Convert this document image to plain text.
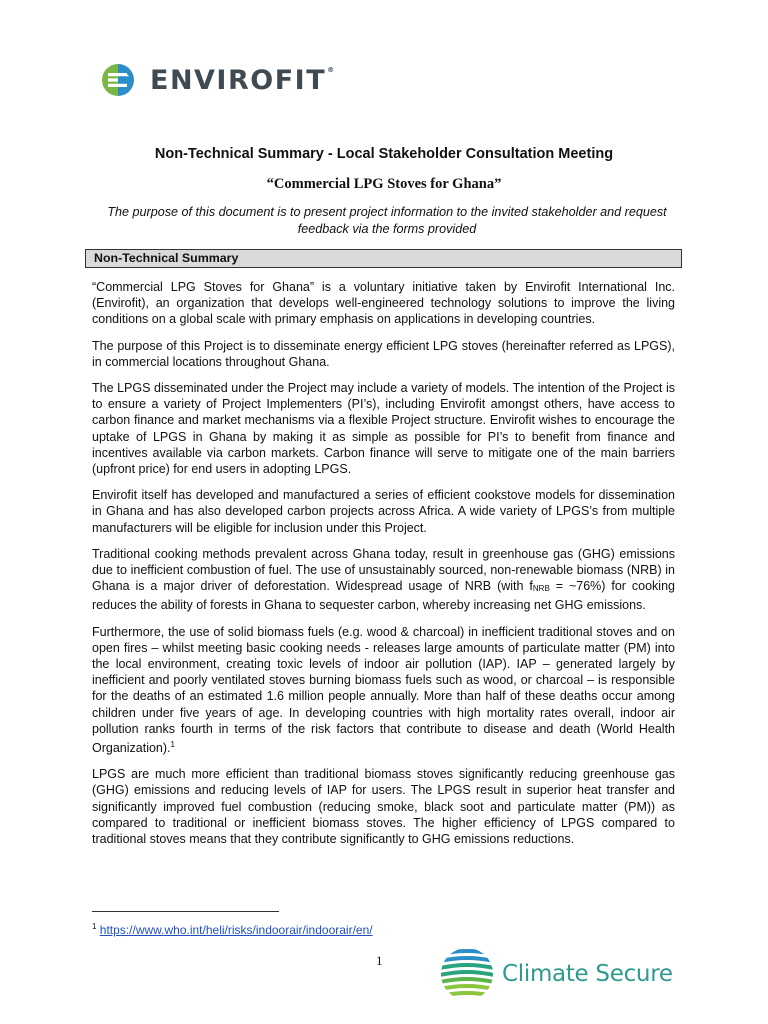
ENVIROFIT®
Non-Technical Summary - Local Stakeholder Consultation Meeting
“Commercial LPG Stoves for Ghana”
The purpose of this document is to present project information to the invited stakeholder and request feedback via the forms provided
Non-Technical Summary

“Commercial LPG Stoves for Ghana” is a voluntary initiative taken by Envirofit International Inc. (Envirofit), an organization that develops well-engineered technology solutions to improve the living conditions on a global scale with primary emphasis on applications in developing countries.

The purpose of this Project is to disseminate energy efficient LPG stoves (hereinafter referred as LPGS), in commercial locations throughout Ghana.

The LPGS disseminated under the Project may include a variety of models. The intention of the Project is to ensure a variety of Project Implementers (PI’s), including Envirofit amongst others, have access to carbon finance and market mechanisms via a flexible Project structure. Envirofit wishes to encourage the uptake of LPGS in Ghana by making it as simple as possible for PI’s to benefit from finance and incentives available via carbon markets. Carbon finance will serve to mitigate one of the main barriers (upfront price) for end users in adopting LPGS.

Envirofit itself has developed and manufactured a series of efficient cookstove models for dissemination in Ghana and has also developed carbon projects across Africa. A wide variety of LPGS’s from multiple manufacturers will be eligible for inclusion under this Project.

Traditional cooking methods prevalent across Ghana today, result in greenhouse gas (GHG) emissions due to inefficient combustion of fuel. The use of unsustainably sourced, non-renewable biomass (NRB) in Ghana is a major driver of deforestation. Widespread usage of NRB (with fNRB = ~76%) for cooking reduces the ability of forests in Ghana to sequester carbon, whereby increasing net GHG emissions.

Furthermore, the use of solid biomass fuels (e.g. wood & charcoal) in inefficient traditional stoves and on open fires – whilst meeting basic cooking needs - releases large amounts of particulate matter (PM) into the local environment, creating toxic levels of indoor air pollution (IAP). IAP – generated largely by inefficient and poorly ventilated stoves burning biomass fuels such as wood, or charcoal – is responsible for the deaths of an estimated 1.6 million people annually. More than half of these deaths occur among children under five years of age. In developing countries with high mortality rates overall, indoor air pollution ranks fourth in terms of the risk factors that contribute to disease and death (World Health Organization).$^1$

LPGS are much more efficient than traditional biomass stoves significantly reducing greenhouse gas (GHG) emissions and reducing levels of IAP for users. The LPGS result in superior heat transfer and significantly improved fuel combustion (reducing smoke, black soot and particulate matter (PM)) as compared to traditional or inefficient biomass stoves. The higher efficiency of LPGS compared to traditional stoves means that they contribute significantly to GHG emissions reductions.

$^1$ https://www.who.int/heli/risks/indoorair/indoorair/en/
1
Climate Secure
